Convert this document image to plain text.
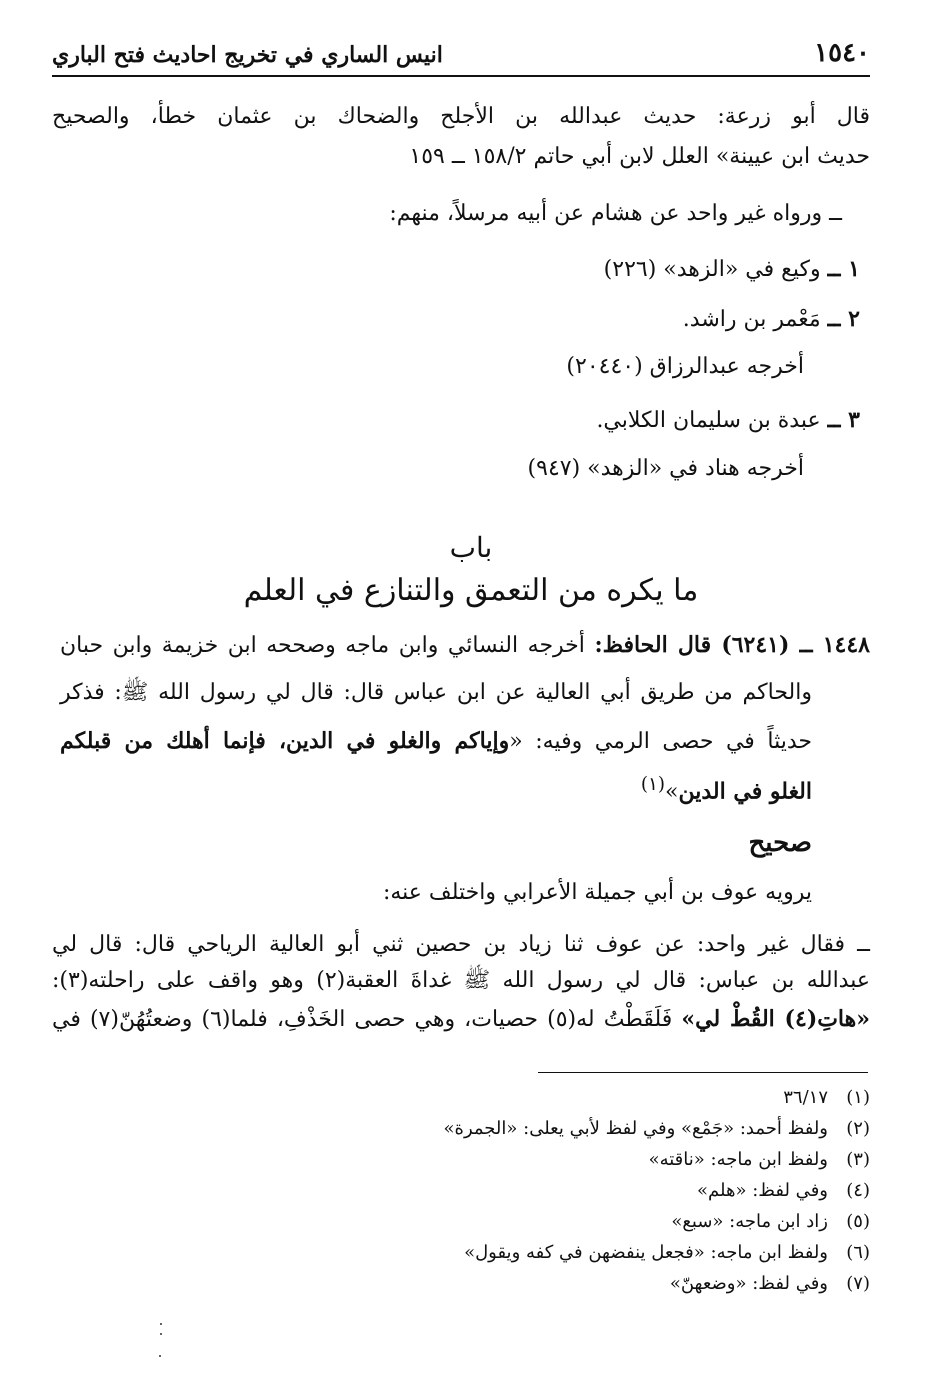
١٥٤٠
انيس الساري في تخريج احاديث فتح الباري
قال أبو زرعة: حديث عبدالله بن الأجلح والضحاك بن عثمان خطأ، والصحيح
حديث ابن عيينة» العلل لابن أبي حاتم ١٥٨/٢ ــ ١٥٩
ــ ورواه غير واحد عن هشام عن أبيه مرسلاً، منهم:
١ ــ وكيع في «الزهد» (٢٢٦)
٢ ــ مَعْمر بن راشد.
أخرجه عبدالرزاق (٢٠٤٤٠)
٣ ــ عبدة بن سليمان الكلابي.
أخرجه هناد في «الزهد» (٩٤٧)
باب
ما يكره من التعمق والتنازع في العلم
١٤٤٨ ــ (٦٢٤١) قال الحافظ: أخرجه النسائي وابن ماجه وصححه ابن خزيمة وابن حبان
والحاكم من طريق أبي العالية عن ابن عباس قال: قال لي رسول الله ﷺ: فذكر
حديثاً في حصى الرمي وفيه: «وإياكم والغلو في الدين، فإنما أهلك من قبلكم
الغلو في الدين»$^{(١)}$
صحيح
يرويه عوف بن أبي جميلة الأعرابي واختلف عنه:
ــ فقال غير واحد: عن عوف ثنا زياد بن حصين ثني أبو العالية الرياحي قال: قال لي
عبدالله بن عباس: قال لي رسول الله ﷺ غداةَ العقبة(٢) وهو واقف على راحلته(٣):
«هاتِ(٤) القُطْ لي» فَلَقَطْتُ له(٥) حصيات، وهي حصى الخَذْفِ، فلما(٦) وضعتُهُنّ(٧) في
(١)٣٦/١٧
(٢)ولفظ أحمد: «جَمْع» وفي لفظ لأبي يعلى: «الجمرة»
(٣)ولفظ ابن ماجه: «ناقته»
(٤)وفي لفظ: «هلم»
(٥)زاد ابن ماجه: «سبع»
(٦)ولفظ ابن ماجه: «فجعل ينفضهن في كفه ويقول»
(٧)وفي لفظ: «وضعهنّ»
